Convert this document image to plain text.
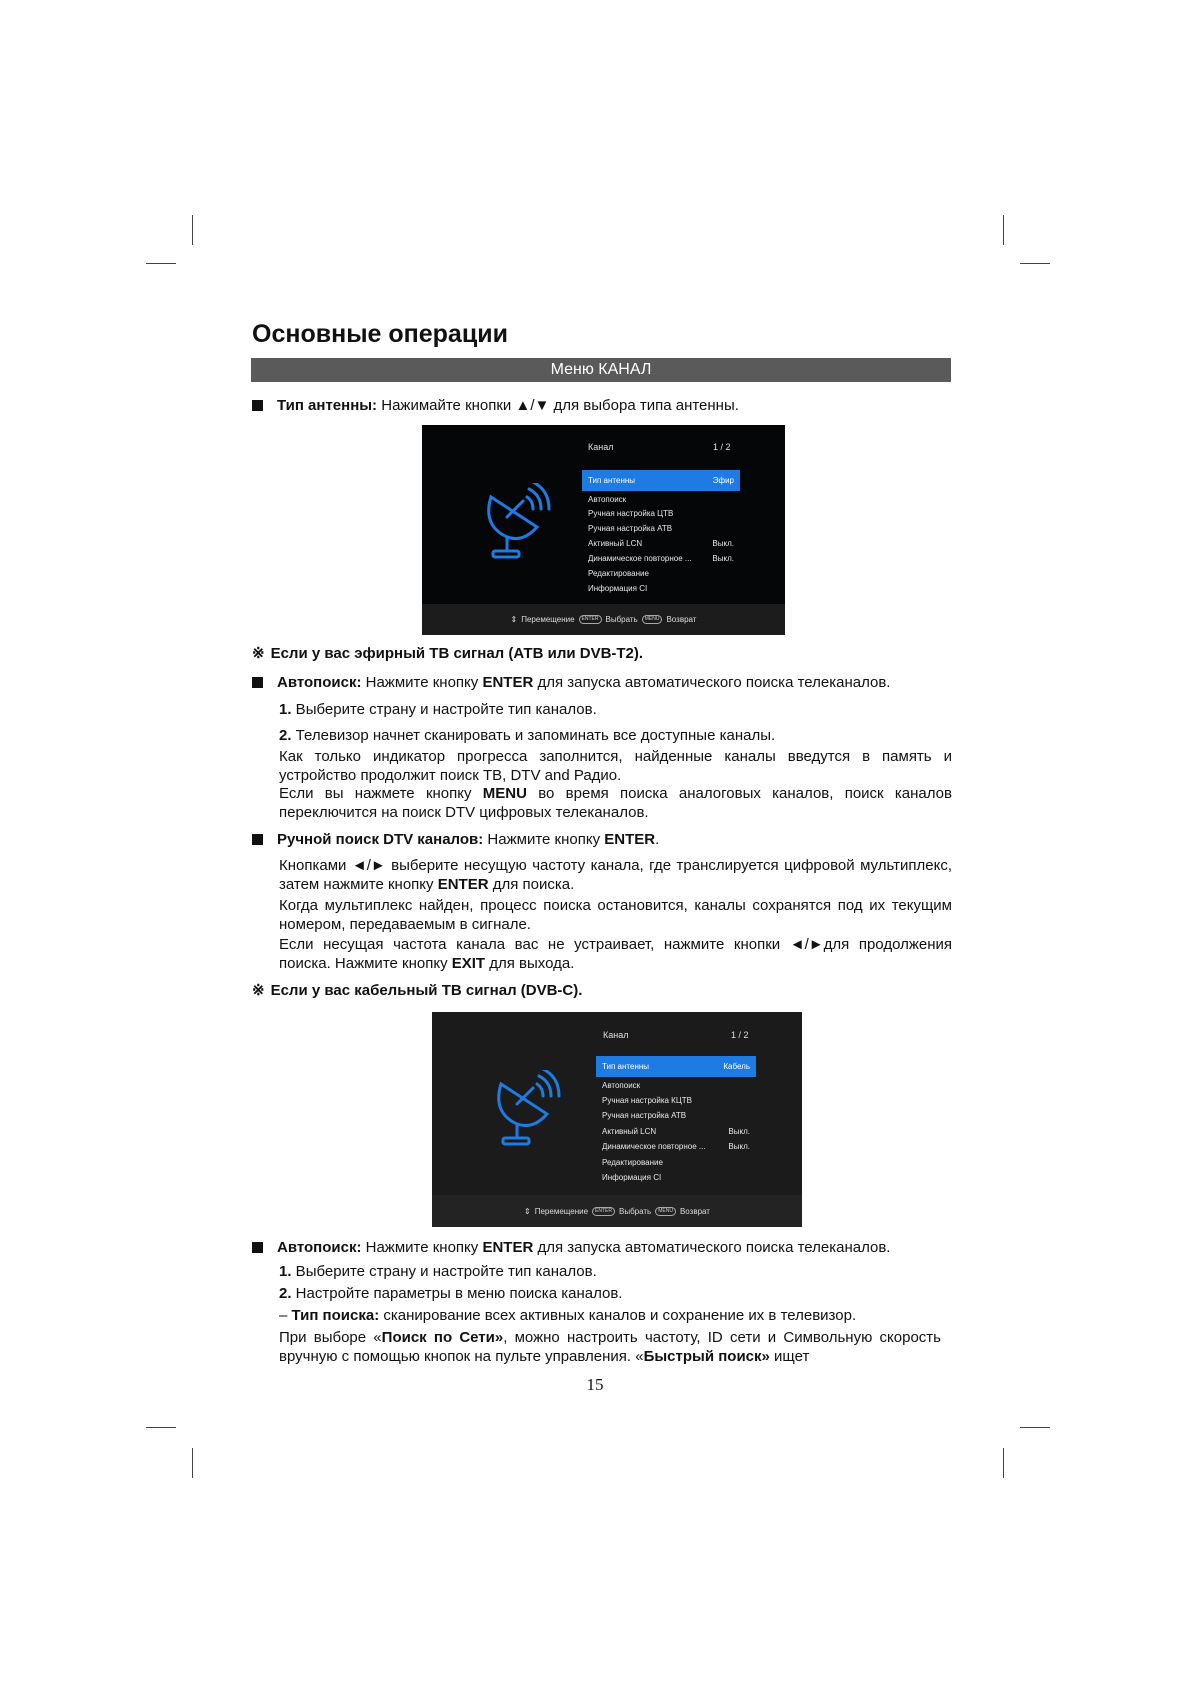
Основные операции
Меню КАНАЛ

Тип антенны: Нажимайте кнопки ▲/▼ для выбора типа антенны.

Канал	1 / 2
Тип антенны	Эфир
Автопоиск
Ручная настройка ЦТВ
Ручная настройка АТВ
Активный LCN	Выкл.
Динамическое повторное ...	Выкл.
Редактирование
Информация CI
⇕ Перемещение	ENTER Выбрать	MENU Возврат

※ Если у вас эфирный ТВ сигнал (АТВ или DVB-T2).

Автопоиск: Нажмите кнопку ENTER для запуска автоматического поиска телеканалов.

1. Выберите страну и настройте тип каналов.

2. Телевизор начнет сканировать и запоминать все доступные каналы.

Как только индикатор прогресса заполнится, найденные каналы введутся в память и устройство продолжит поиск ТВ, DTV and Радио.

Если вы нажмете кнопку MENU во время поиска аналоговых каналов, поиск каналов переключится на поиск DTV цифровых телеканалов.

Ручной поиск DTV каналов: Нажмите кнопку ENTER.

Кнопками ◄/► выберите несущую частоту канала, где транслируется цифровой мультиплекс, затем нажмите кнопку ENTER для поиска.

Когда мультиплекс найден, процесс поиска остановится, каналы сохранятся под их текущим номером, передаваемым в сигнале.

Если несущая частота канала вас не устраивает, нажмите кнопки ◄/►для продолжения поиска. Нажмите кнопку EXIT для выхода.

※ Если у вас кабельный ТВ сигнал (DVB-C).

Канал	1 / 2
Тип антенны	Кабель
Автопоиск
Ручная настройка КЦТВ
Ручная настройка АТВ
Активный LCN	Выкл.
Динамическое повторное ...	Выкл.
Редактирование
Информация CI
⇕ Перемещение	ENTER Выбрать	MENU Возврат

Автопоиск: Нажмите кнопку ENTER для запуска автоматического поиска телеканалов.

1. Выберите страну и настройте тип каналов.

2. Настройте параметры в меню поиска каналов.

– Тип поиска: сканирование всех активных каналов и сохранение их в телевизор.

При выборе «Поиск по Сети», можно настроить частоту, ID сети и Символьную скорость вручную с помощью кнопок на пульте управления. «Быстрый поиск» ищет

15
